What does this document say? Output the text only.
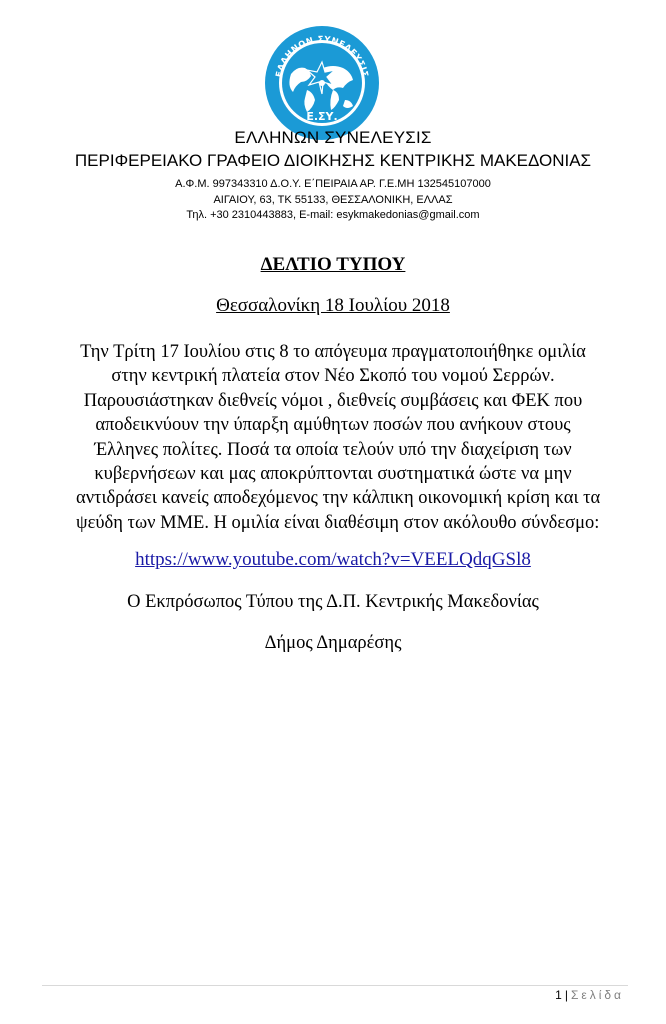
ΕΛΛΗΝΩΝ ΣΥΝΕΛΕΥΣΙΣ
Ε.ΣΥ.
ΕΛΛΗΝΩΝ ΣΥΝΕΛΕΥΣΙΣ
ΠΕΡΙΦΕΡΕΙΑΚΟ ΓΡΑΦΕΙΟ ΔΙΟΙΚΗΣΗΣ ΚΕΝΤΡΙΚΗΣ ΜΑΚΕΔΟΝΙΑΣ
Α.Φ.Μ. 997343310 Δ.Ο.Υ. Ε΄ΠΕΙΡΑΙΑ ΑΡ. Γ.Ε.ΜΗ 132545107000
ΑΙΓΑΙΟΥ, 63, ΤΚ 55133, ΘΕΣΣΑΛΟΝΙΚΗ, ΕΛΛΑΣ
Τηλ. +30 2310443883, E-mail: esykmakedonias@gmail.com
ΔΕΛΤΙΟ ΤΥΠΟΥ
Θεσσαλονίκη 18 Ιουλίου 2018
Την Τρίτη 17 Ιουλίου στις 8 το απόγευμα πραγματοποιήθηκε ομιλία
στην κεντρική πλατεία στον Νέο Σκοπό του νομού Σερρών.
Παρουσιάστηκαν διεθνείς νόμοι , διεθνείς συμβάσεις και ΦΕΚ που
αποδεικνύουν την ύπαρξη αμύθητων ποσών που ανήκουν στους
Έλληνες πολίτες. Ποσά τα οποία τελούν υπό την διαχείριση των
κυβερνήσεων και μας αποκρύπτονται συστηματικά ώστε να μην
αντιδράσει κανείς αποδεχόμενος την κάλπικη οικονομική κρίση και τα
ψεύδη των ΜΜΕ. Η ομιλία είναι διαθέσιμη στον ακόλουθο σύνδεσμο:
https://www.youtube.com/watch?v=VEELQdqGSl8
Ο Εκπρόσωπος Τύπου της Δ.Π. Κεντρικής Μακεδονίας
Δήμος Δημαρέσης
1 | Σελίδα
